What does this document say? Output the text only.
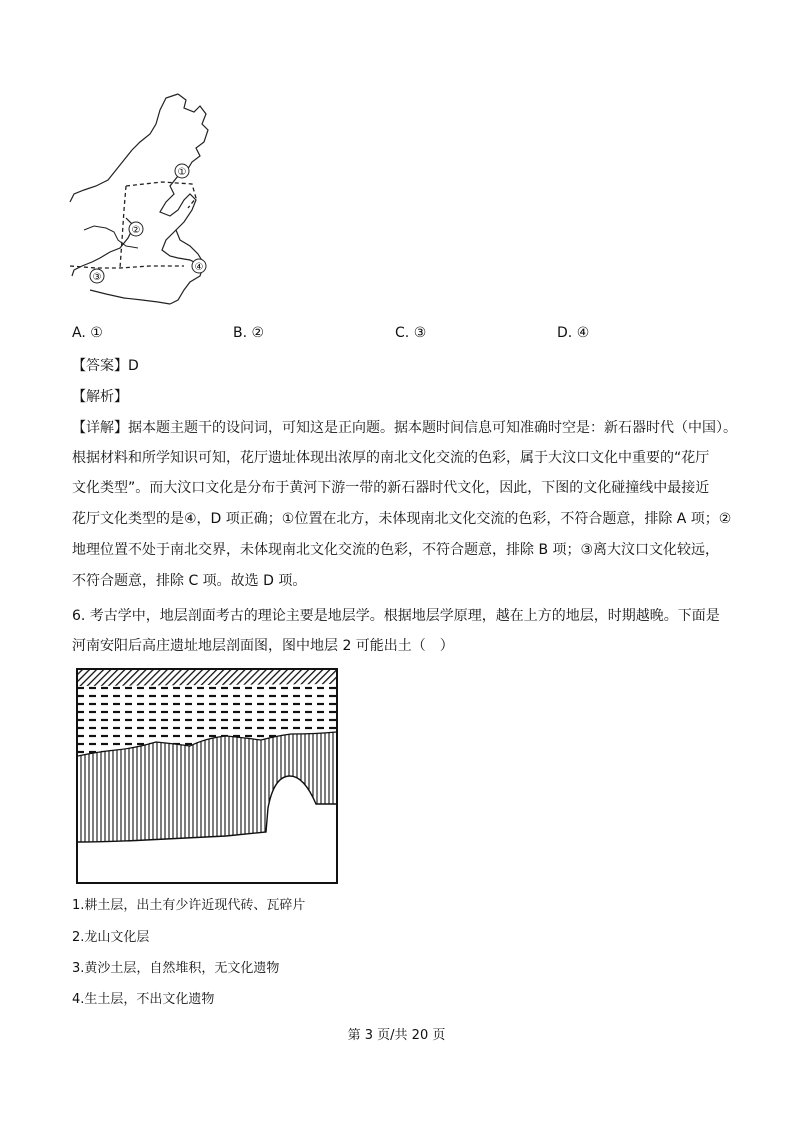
①
②
③
④
A. ①	B. ②	C. ③	D. ④
【答案】D
【解析】
【详解】据本题主题干的设问词，可知这是正向题。据本题时间信息可知准确时空是：新石器时代（中国）。
根据材料和所学知识可知，花厅遗址体现出浓厚的南北文化交流的色彩，属于大汶口文化中重要的“花厅
文化类型”。而大汶口文化是分布于黄河下游一带的新石器时代文化，因此，下图的文化碰撞线中最接近
花厅文化类型的是④，D 项正确；①位置在北方，未体现南北文化交流的色彩，不符合题意，排除 A 项；②
地理位置不处于南北交界，未体现南北文化交流的色彩，不符合题意，排除 B 项；③离大汶口文化较远，
不符合题意，排除 C 项。故选 D 项。
6. 考古学中，地层剖面考古的理论主要是地层学。根据地层学原理，越在上方的地层，时期越晚。下面是
河南安阳后高庄遗址地层剖面图，图中地层 2 可能出土（　）
1.耕土层，出土有少许近现代砖、瓦碎片
2.龙山文化层
3.黄沙土层，自然堆积，无文化遗物
4.生土层，不出文化遗物
第 3 页/共 20 页
